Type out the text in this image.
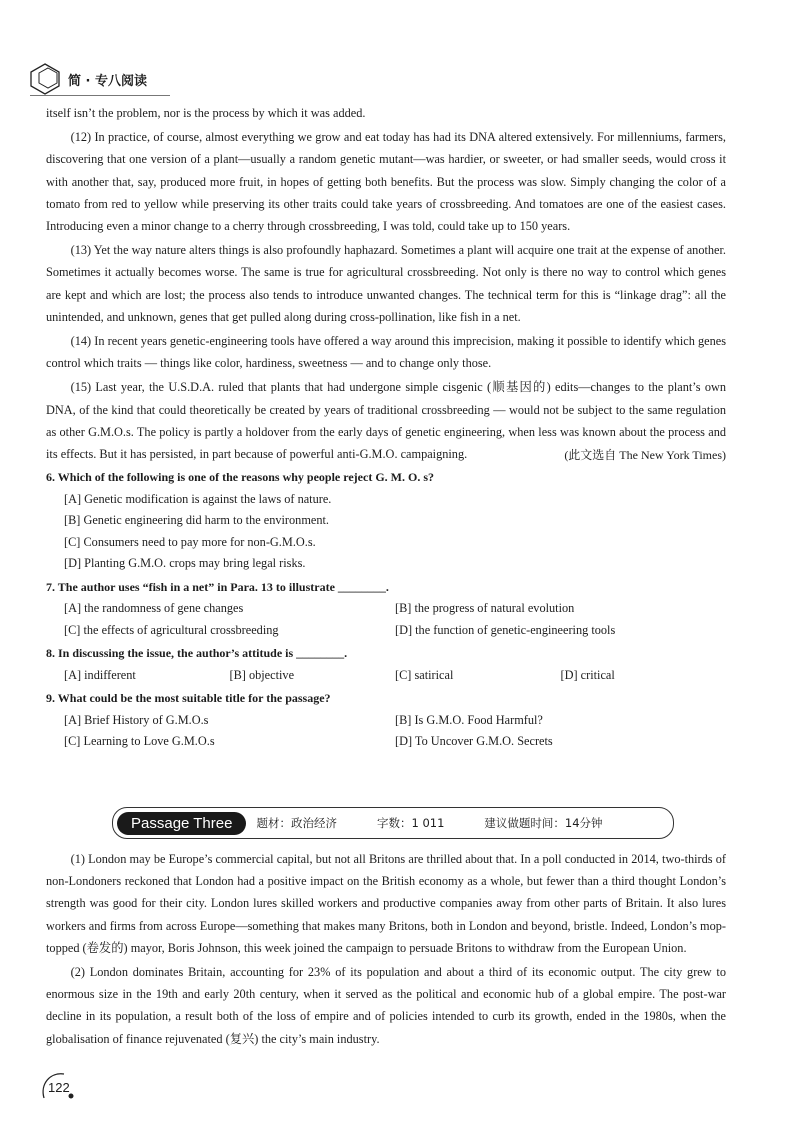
简 · 专八阅读

itself isn’t the problem, nor is the process by which it was added.

(12) In practice, of course, almost everything we grow and eat today has had its DNA altered extensively. For millenniums, farmers, discovering that one version of a plant—usually a random genetic mutant—was hardier, or sweeter, or had smaller seeds, would cross it with another that, say, produced more fruit, in hopes of getting both benefits. But the process was slow. Simply changing the color of a tomato from red to yellow while preserving its other traits could take years of crossbreeding. And tomatoes are one of the easiest cases. Introducing even a minor change to a cherry through crossbreeding, I was told, could take up to 150 years.

(13) Yet the way nature alters things is also profoundly haphazard. Sometimes a plant will acquire one trait at the expense of another. Sometimes it actually becomes worse. The same is true for agricultural crossbreeding. Not only is there no way to control which genes are kept and which are lost; the process also tends to introduce unwanted changes. The technical term for this is “linkage drag”: all the unintended, and unknown, genes that get pulled along during cross-pollination, like fish in a net.

(14) In recent years genetic-engineering tools have offered a way around this imprecision, making it possible to identify which genes control which traits — things like color, hardiness, sweetness — and to change only those.

(15) Last year, the U.S.D.A. ruled that plants that had undergone simple cisgenic (顺基因的) edits—changes to the plant’s own DNA, of the kind that could theoretically be created by years of traditional crossbreeding — would not be subject to the same regulation as other G.M.O.s. The policy is partly a holdover from the early days of genetic engineering, when less was known about the process and its effects. But it has persisted, in part because of powerful anti-G.M.O. campaigning.	(此文选自 The New York Times)
6. Which of the following is one of the reasons why people reject G. M. O. s?
[A] Genetic modification is against the laws of nature.
[B] Genetic engineering did harm to the environment.
[C] Consumers need to pay more for non-G.M.O.s.
[D] Planting G.M.O. crops may bring legal risks.
7. The author uses “fish in a net” in Para. 13 to illustrate ________.
[A] the randomness of gene changes	[B] the progress of natural evolution
[C] the effects of agricultural crossbreeding	[D] the function of genetic-engineering tools
8. In discussing the issue, the author’s attitude is ________.
[A] indifferent	[B] objective	[C] satirical	[D] critical
9. What could be the most suitable title for the passage?
[A] Brief History of G.M.O.s	[B] Is G.M.O. Food Harmful?
[C] Learning to Love G.M.O.s	[D] To Uncover G.M.O. Secrets
Passage Three	题材：政治经济	字数：1 011	建议做题时间：14分钟

(1) London may be Europe’s commercial capital, but not all Britons are thrilled about that. In a poll conducted in 2014, two-thirds of non-Londoners reckoned that London had a positive impact on the British economy as a whole, but fewer than a third thought London’s strength was good for their city. London lures skilled workers and productive companies away from other parts of Britain. It also lures workers and firms from across Europe—something that makes many Britons, both in London and beyond, bristle. Indeed, London’s mop-topped (卷发的) mayor, Boris Johnson, this week joined the campaign to persuade Britons to withdraw from the European Union.

(2) London dominates Britain, accounting for 23% of its population and about a third of its economic output. The city grew to enormous size in the 19th and early 20th century, when it served as the political and economic hub of a global empire. The post-war decline in its population, a result both of the loss of empire and of policies intended to curb its growth, ended in the 1980s, when the globalisation of finance rejuvenated (复兴) the city’s main industry.

122
